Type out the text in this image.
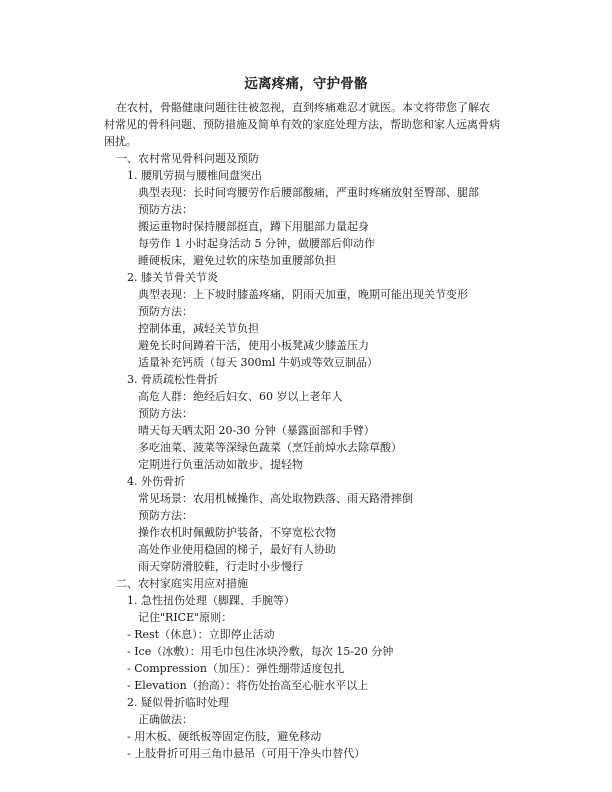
远离疼痛，守护骨骼
在农村，骨骼健康问题往往被忽视，直到疼痛难忍才就医。本文将带您了解农
村常见的骨科问题、预防措施及简单有效的家庭处理方法，帮助您和家人远离骨病
困扰。
一、农村常见骨科问题及预防
1. 腰肌劳损与腰椎间盘突出
典型表现：长时间弯腰劳作后腰部酸痛，严重时疼痛放射至臀部、腿部
预防方法：
搬运重物时保持腰部挺直，蹲下用腿部力量起身
每劳作 1 小时起身活动 5 分钟，做腰部后仰动作
睡硬板床，避免过软的床垫加重腰部负担
2. 膝关节骨关节炎
典型表现：上下坡时膝盖疼痛，阴雨天加重，晚期可能出现关节变形
预防方法：
控制体重，减轻关节负担
避免长时间蹲着干活，使用小板凳减少膝盖压力
适量补充钙质（每天 300ml 牛奶或等效豆制品）
3. 骨质疏松性骨折
高危人群：绝经后妇女、60 岁以上老年人
预防方法：
晴天每天晒太阳 20-30 分钟（暴露面部和手臂）
多吃油菜、菠菜等深绿色蔬菜（烹饪前焯水去除草酸）
定期进行负重活动如散步、提轻物
4. 外伤骨折
常见场景：农用机械操作、高处取物跌落、雨天路滑摔倒
预防方法：
操作农机时佩戴防护装备，不穿宽松衣物
高处作业使用稳固的梯子，最好有人协助
雨天穿防滑胶鞋，行走时小步慢行
二、农村家庭实用应对措施
1. 急性扭伤处理（脚踝、手腕等）
记住"RICE"原则：
- Rest（休息）：立即停止活动
- Ice（冰敷）：用毛巾包住冰块冷敷，每次 15-20 分钟
- Compression（加压）：弹性绷带适度包扎
- Elevation（抬高）：将伤处抬高至心脏水平以上
2. 疑似骨折临时处理
正确做法：
- 用木板、硬纸板等固定伤肢，避免移动
- 上肢骨折可用三角巾悬吊（可用干净头巾替代）
